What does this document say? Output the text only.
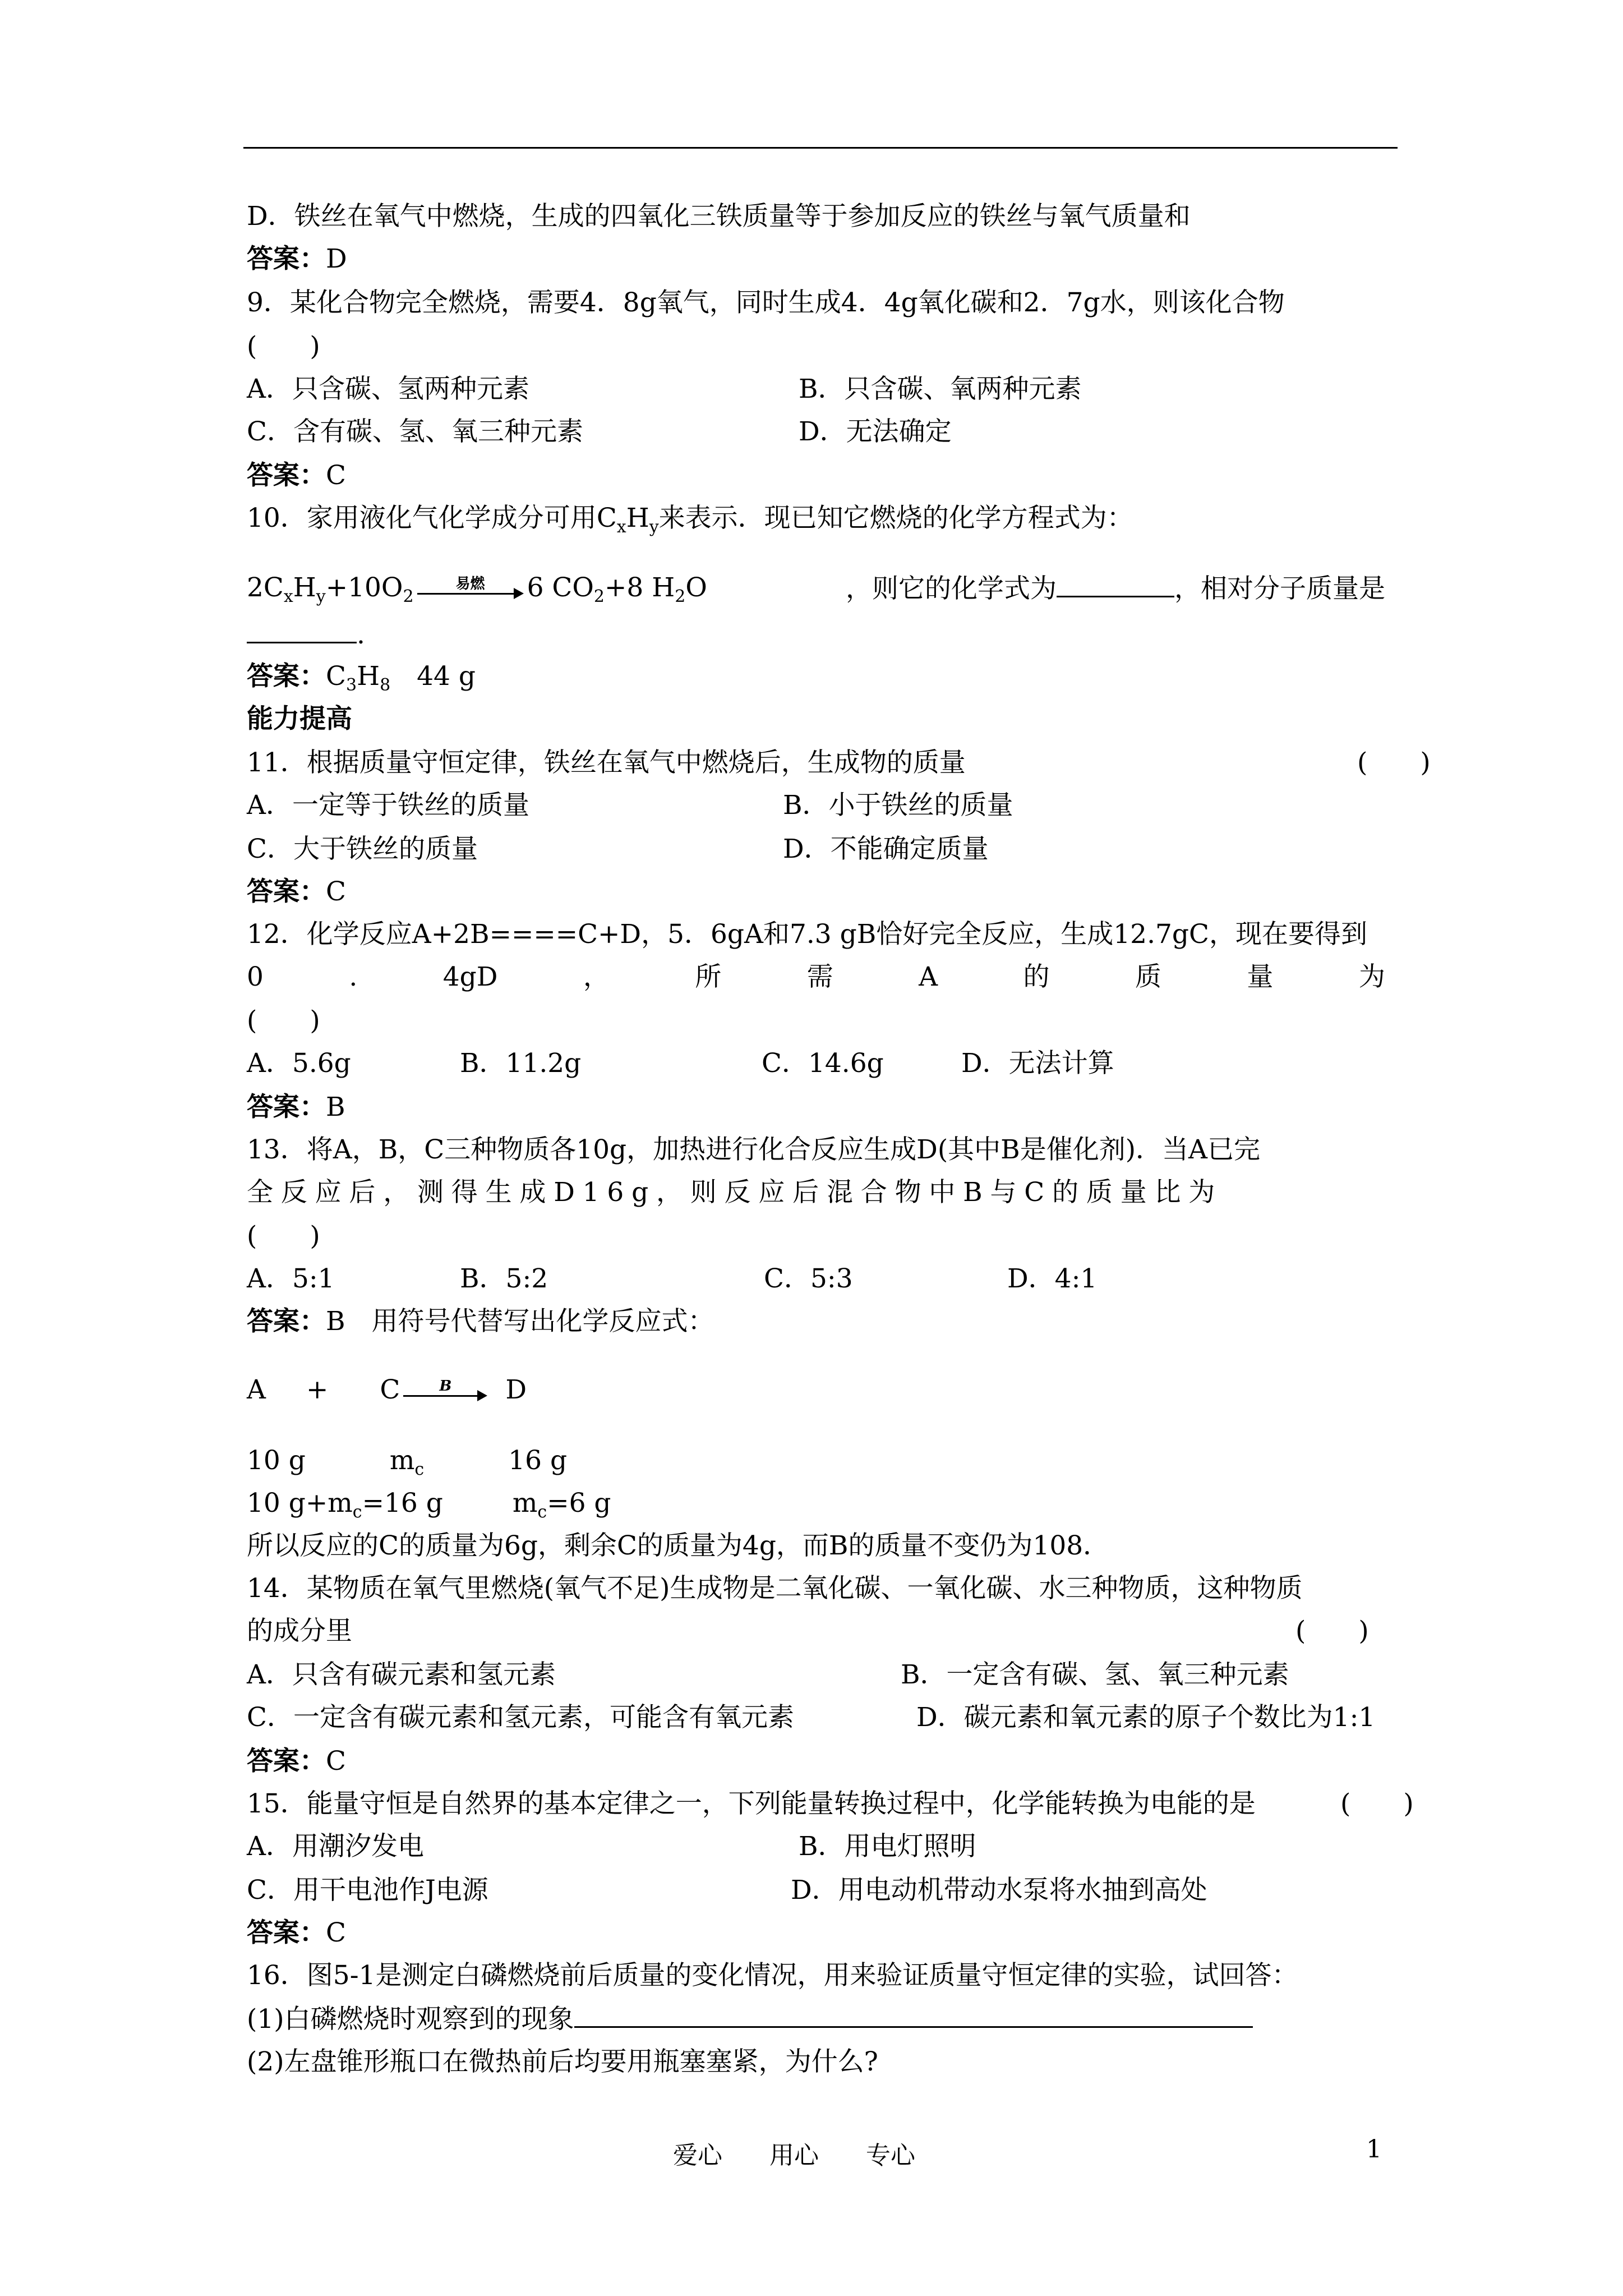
D．铁丝在氧气中燃烧，生成的四氧化三铁质量等于参加反应的铁丝与氧气质量和
答案：D
9．某化合物完全燃烧，需要4．8g氧气，同时生成4．4g氧化碳和2．7g水，则该化合物
(　　)
A．只含碳、氢两种元素	B．只含碳、氧两种元素
C．含有碳、氢、氧三种元素	D．无法确定
答案：C
10．家用液化气化学成分可用$C_xH_y$来表示．现已知它燃烧的化学方程式为：
$2C_xH_y+10O_2$
易燃	6 $CO_2+8$ $H_2O$	，则它的化学式为	，相对分子质量是
.
答案：$C_3H_8$　 44 g
能力提高
11．根据质量守恒定律，铁丝在氧气中燃烧后，生成物的质量	(　　)
A．一定等于铁丝的质量	B．小于铁丝的质量
C．大于铁丝的质量	D．不能确定质量
答案：C
12．化学反应A+2B====C+D，5．6gA和7.3 gB恰好完全反应，生成12.7gC，现在要得到
0	.	4gD	，	所	需	A	的	质	量	为
(　　)
A．5.6g	B．11.2g	C．14.6g	D．无法计算
答案：B
13．将A，B，C三种物质各10g，加热进行化合反应生成D(其中B是催化剂)．当A已完
全反应后，测得生成D16g，则反应后混合物中B与C的质量比为
(　　)
A．5:1	B．5:2	C．5:3	D．4:1
答案：B　用符号代替写出化学反应式：
A + C	B	D
10 g	$m_c$	16 g
10 $g+m_c=16$ g	$m_c=6$ g
所以反应的C的质量为6g，剩余C的质量为4g，而B的质量不变仍为108．
14．某物质在氧气里燃烧(氧气不足)生成物是二氧化碳、一氧化碳、水三种物质，这种物质
的成分里	(　　)
A．只含有碳元素和氢元素	B．一定含有碳、氢、氧三种元素
C．一定含有碳元素和氢元素，可能含有氧元素	D．碳元素和氧元素的原子个数比为1:1
答案：C
15．能量守恒是自然界的基本定律之一，下列能量转换过程中，化学能转换为电能的是	(　　)
A．用潮汐发电	B．用电灯照明
C．用干电池作J电源	D．用电动机带动水泵将水抽到高处
答案：C
16．图5-1是测定白磷燃烧前后质量的变化情况，用来验证质量守恒定律的实验，试回答：
(1)白磷燃烧时观察到的现象
(2)左盘锥形瓶口在微热前后均要用瓶塞塞紧，为什么?
爱心 用心 专心	1
